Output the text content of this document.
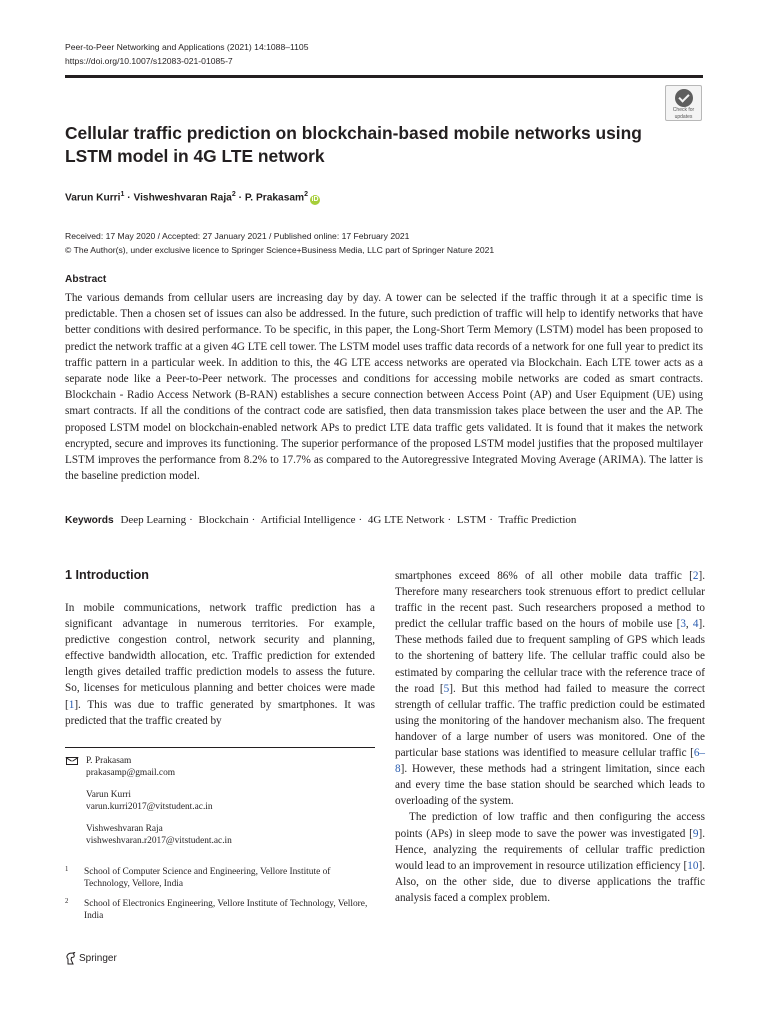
Peer-to-Peer Networking and Applications (2021) 14:1088–1105
https://doi.org/10.1007/s12083-021-01085-7
Check for
updates
Cellular traffic prediction on blockchain-based mobile networks using LSTM model in 4G LTE network
Varun Kurri$^1$ · Vishweshvaran Raja$^2$ · P. Prakasam$^2$iD
Received: 17 May 2020 / Accepted: 27 January 2021 / Published online: 17 February 2021
© The Author(s), under exclusive licence to Springer Science+Business Media, LLC part of Springer Nature 2021
Abstract
The various demands from cellular users are increasing day by day. A tower can be selected if the traffic through it at a specific time is predictable. Then a chosen set of issues can also be addressed. In the future, such prediction of traffic will help to identify networks that have better conditions with desired performance. To be specific, in this paper, the Long-Short Term Memory (LSTM) model has been proposed to predict the network traffic at a given 4G LTE cell tower. The LSTM model uses traffic data records of a network for one full year to predict its traffic pattern in a particular week. In addition to this, the 4G LTE access networks are operated via Blockchain. Each LTE tower acts as a separate node like a Peer-to-Peer network. The processes and conditions for accessing mobile networks are coded as smart contracts. Blockchain - Radio Access Network (B-RAN) establishes a secure connection between Access Point (AP) and User Equipment (UE) using smart contracts. If all the conditions of the contract code are satisfied, then data transmission takes place between the user and the AP. The proposed LSTM model on blockchain-enabled network APs to predict LTE data traffic gets validated. It is found that it makes the network encrypted, secure and improves its functioning. The superior performance of the proposed LSTM model justifies that the proposed multilayer LSTM improves the performance from 8.2% to 17.7% as compared to the Autoregressive Integrated Moving Average (ARIMA). The latter is the baseline prediction model.
Keywords Deep Learning · Blockchain · Artificial Intelligence · 4G LTE Network · LSTM · Traffic Prediction
1 Introduction

In mobile communications, network traffic prediction has a significant advantage in numerous territories. For example, predictive congestion control, network security and planning, effective bandwidth allocation, etc. Traffic prediction for extended length gives detailed traffic prediction models to assess the future. So, licenses for meticulous planning and better choices were made [1]. This was due to traffic generated by smartphones. It was predicted that the traffic created by

smartphones exceed 86% of all other mobile data traffic [2]. Therefore many researchers took strenuous effort to predict cellular traffic in the recent past. Such researchers proposed a method to predict the cellular traffic based on the hours of mobile use [3, 4]. These methods failed due to frequent sampling of GPS which leads to the shortening of battery life. The cellular traffic could also be estimated by comparing the cellular trace with the reference trace of the road [5]. But this method had failed to measure the correct strength of cellular traffic. The traffic prediction could be estimated using the monitoring of the handover mechanism also. The frequent handover of a large number of users was monitored. One of the particular base stations was identified to measure cellular traffic [6–8]. However, these methods had a stringent limitation, since each and every time the base station should be searched which leads to overloading of the system.

The prediction of low traffic and then configuring the access points (APs) in sleep mode to save the power was investigated [9]. Hence, analyzing the requirements of cellular traffic prediction would lead to an improvement in resource utilization efficiency [10]. Also, on the other side, due to diverse applications the traffic analysis faced a complex problem.

P. Prakasam
prakasamp@gmail.com
Varun Kurri
varun.kurri2017@vitstudent.ac.in
Vishweshvaran Raja
vishweshvaran.r2017@vitstudent.ac.in
1 School of Computer Science and Engineering, Vellore Institute of Technology, Vellore, India
2 School of Electronics Engineering, Vellore Institute of Technology, Vellore, India
Springer
